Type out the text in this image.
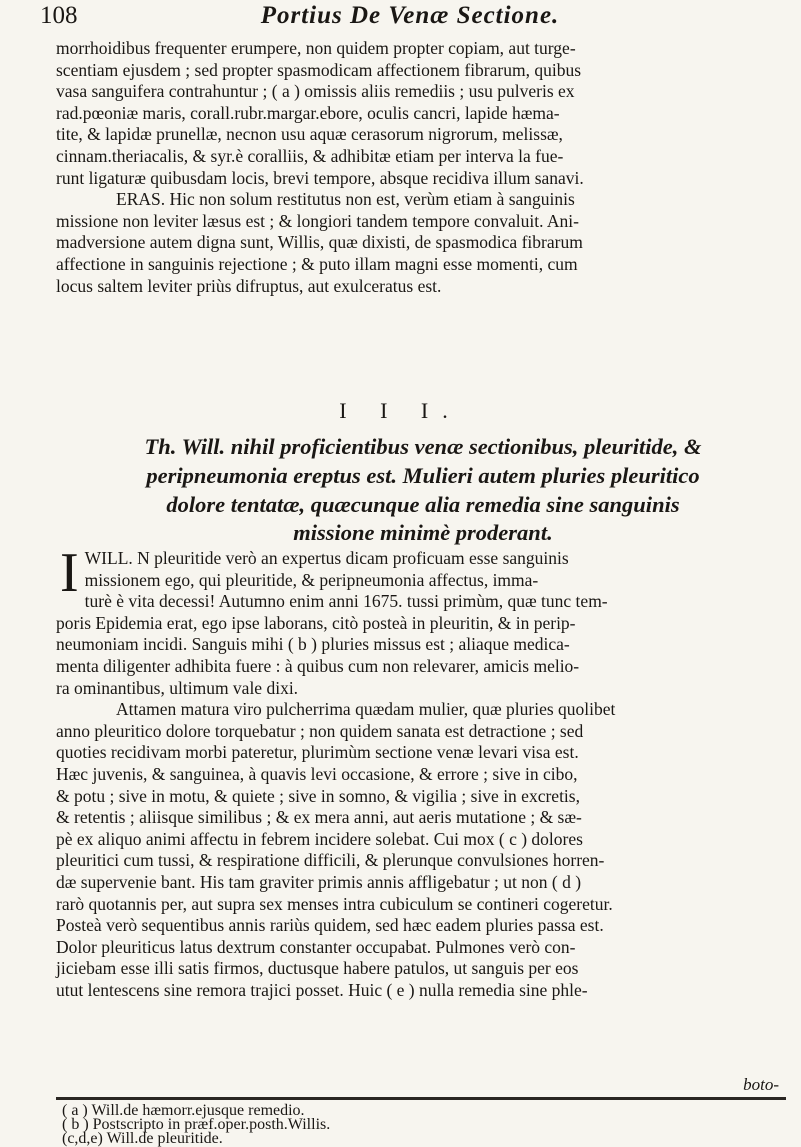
108	Portius De Venæ Sectione.

morrhoidibus frequenter erumpere, non quidem propter copiam, aut turge-

scentiam ejusdem ; sed propter spasmodicam affectionem fibrarum, quibus

vasa sanguifera contrahuntur ; ( a ) omissis aliis remediis ; usu pulveris ex

rad.pœoniæ maris, corall.rubr.margar.ebore, oculis cancri, lapide hæma-

tite, & lapidæ prunellæ, necnon usu aquæ cerasorum nigrorum, melissæ,

cinnam.theriacalis, & syr.è coralliis, & adhibitæ etiam per interva la fue-

runt ligaturæ quibusdam locis, brevi tempore, absque recidiva illum sanavi.

ERAS. Hic non solum restitutus non est, verùm etiam à sanguinis

missione non leviter læsus est ; & longiori tandem tempore convaluit. Ani-

madversione autem digna sunt, Willis, quæ dixisti, de spasmodica fibrarum

affectione in sanguinis rejectione ; & puto illam magni esse momenti, cum

locus saltem leviter priùs difruptus, aut exulceratus est.

I I I.
Th. Will. nihil proficientibus venæ sectionibus, pleuritide, &
peripneumonia ereptus est. Mulieri autem pluries pleuritico
dolore tentatæ, quæcunque alia remedia sine sanguinis
missione minimè proderant.

WILL.
I	N pleuritide verò an expertus dicam proficuam esse sanguinis

missionem ego, qui pleuritide, & peripneumonia affectus, imma-

turè è vita decessi! Autumno enim anni 1675. tussi primùm, quæ tunc tem-

poris Epidemia erat, ego ipse laborans, citò posteà in pleuritin, & in perip-

neumoniam incidi. Sanguis mihi ( b ) pluries missus est ; aliaque medica-

menta diligenter adhibita fuere : à quibus cum non relevarer, amicis melio-

ra ominantibus, ultimum vale dixi.

Attamen matura viro pulcherrima quædam mulier, quæ pluries quolibet

anno pleuritico dolore torquebatur ; non quidem sanata est detractione ; sed

quoties recidivam morbi pateretur, plurimùm sectione venæ levari visa est.

Hæc juvenis, & sanguinea, à quavis levi occasione, & errore ; sive in cibo,

& potu ; sive in motu, & quiete ; sive in somno, & vigilia ; sive in excretis,

& retentis ; aliisque similibus ; & ex mera anni, aut aeris mutatione ; & sæ-

pè ex aliquo animi affectu in febrem incidere solebat. Cui mox ( c ) dolores

pleuritici cum tussi, & respiratione difficili, & plerunque convulsiones horren-

dæ supervenie bant. His tam graviter primis annis affligebatur ; ut non ( d )

rarò quotannis per, aut supra sex menses intra cubiculum se contineri cogeretur.

Posteà verò sequentibus annis rariùs quidem, sed hæc eadem pluries passa est.

Dolor pleuriticus latus dextrum constanter occupabat. Pulmones verò con-

jiciebam esse illi satis firmos, ductusque habere patulos, ut sanguis per eos

utut lentescens sine remora trajici posset. Huic ( e ) nulla remedia sine phle-

boto-

( a ) Will.de hæmorr.ejusque remedio.

( b ) Postscripto in præf.oper.posth.Willis.

(c,d,e) Will.de pleuritide.
